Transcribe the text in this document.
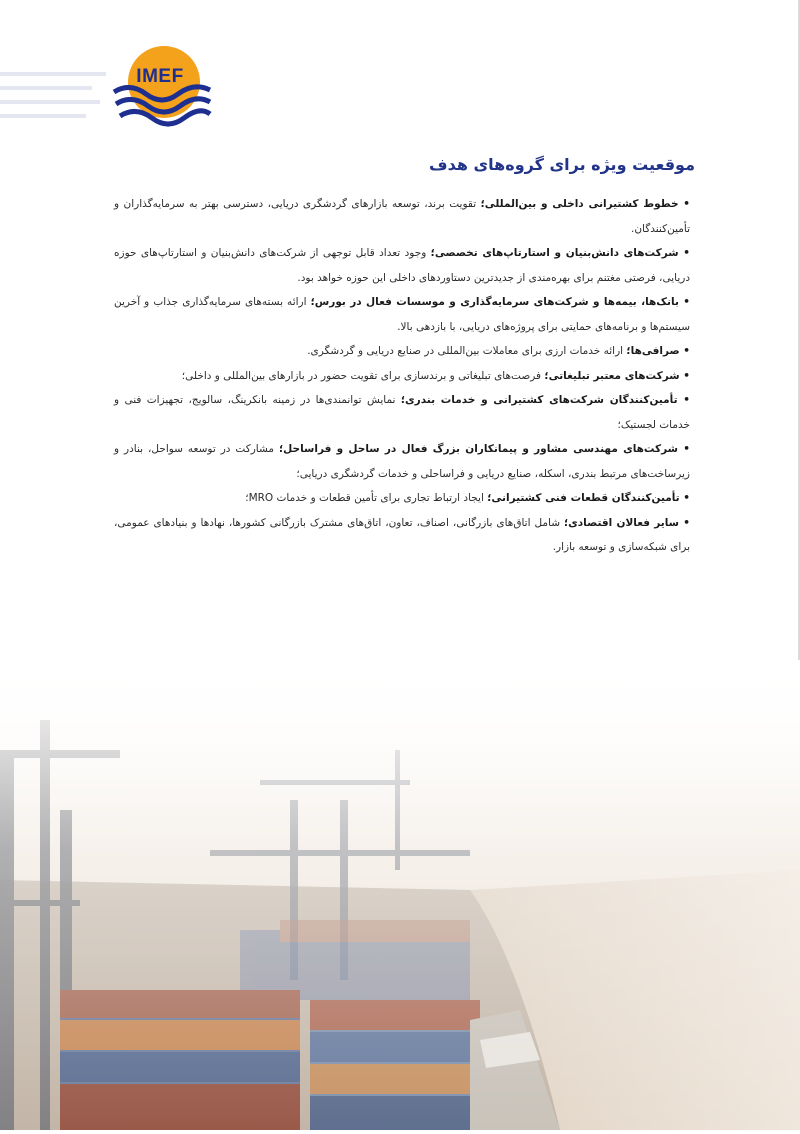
IMEF
موقعیت ویژه برای گروه‌های هدف

• خطوط کشتیرانی داخلی و بین‌المللی؛ تقویت برند، توسعه بازارهای گردشگری دریایی، دسترسی بهتر به سرمایه‌گذاران و تأمین‌کنندگان.

• شرکت‌های دانش‌بنیان و استارتاپ‌های تخصصی؛ وجود تعداد قابل توجهی از شرکت‌های دانش‌بنیان و استارتاپ‌های حوزه دریایی، فرصتی مغتنم برای بهره‌مندی از جدیدترین دستاوردهای داخلی این حوزه خواهد بود.

• بانک‌ها، بیمه‌ها و شرکت‌های سرمایه‌گذاری و موسسات فعال در بورس؛ ارائه بسته‌های سرمایه‌گذاری جذاب و آخرین سیستم‌ها و برنامه‌های حمایتی برای پروژه‌های دریایی، با بازدهی بالا.

• صرافی‌ها؛ ارائه خدمات ارزی برای معاملات بین‌المللی در صنایع دریایی و گردشگری.

• شرکت‌های معتبر تبلیغاتی؛ فرصت‌های تبلیغاتی و برندسازی برای تقویت حضور در بازارهای بین‌المللی و داخلی؛

• تأمین‌کنندگان شرکت‌های کشتیرانی و خدمات بندری؛ نمایش توانمندی‌ها در زمینه بانکرینگ، سالویج، تجهیزات فنی و خدمات لجستیک؛

• شرکت‌های مهندسی مشاور و پیمانکاران بزرگ فعال در ساحل و فراساحل؛ مشارکت در توسعه سواحل، بنادر و زیرساخت‌های مرتبط بندری، اسکله، صنایع دریایی و فراساحلی و خدمات گردشگری دریایی؛

• تأمین‌کنندگان قطعات فنی کشتیرانی؛ ایجاد ارتباط تجاری برای تأمین قطعات و خدمات MRO؛

• سایر فعالان اقتصادی؛ شامل اتاق‌های بازرگانی، اصناف، تعاون، اتاق‌های مشترک بازرگانی کشورها، نهادها و بنیادهای عمومی، برای شبکه‌سازی و توسعه بازار.
